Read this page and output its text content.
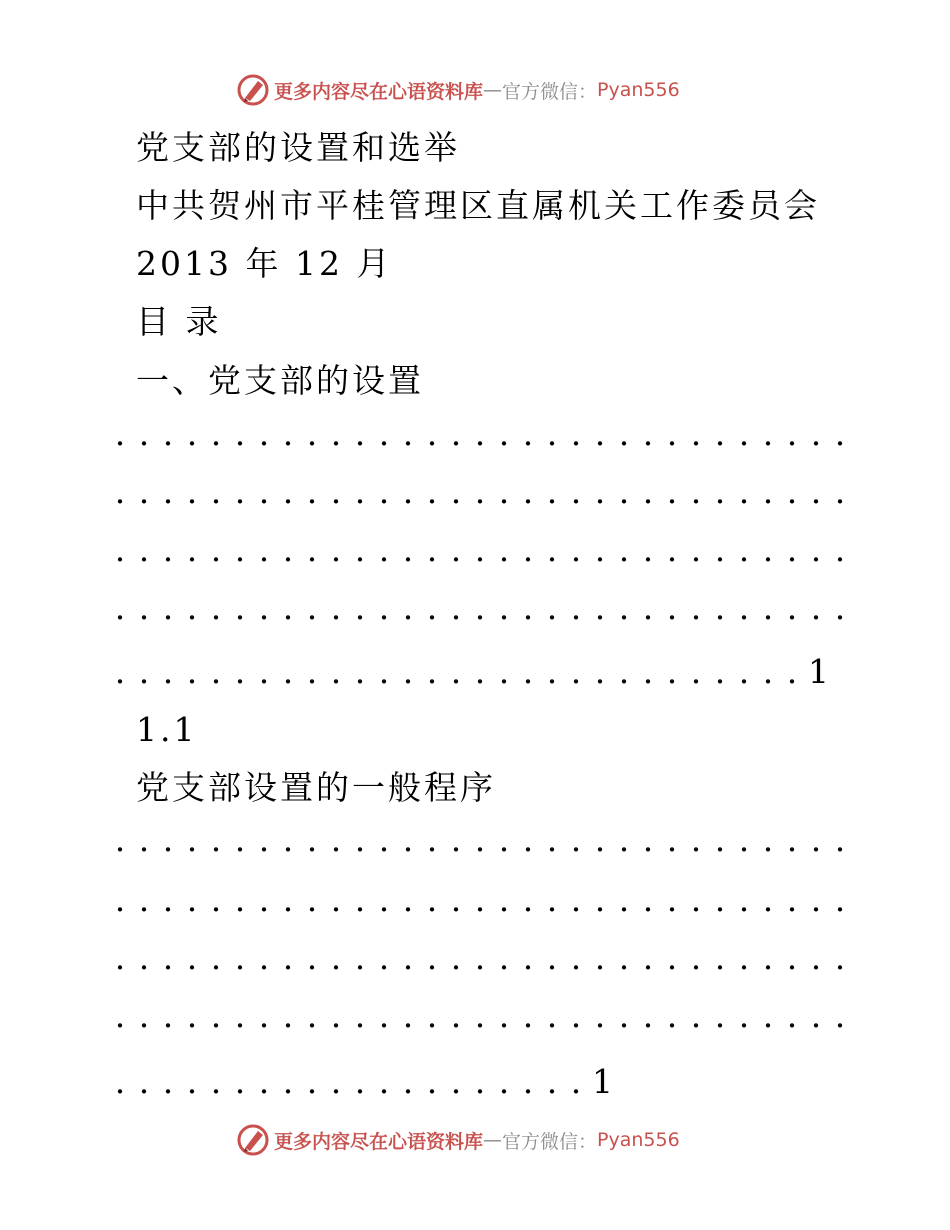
更多内容尽在心语资料库 — 官方微信： Pyan556
党支部的设置和选举
中共贺州市平桂管理区直属机关工作委员会
2013 年 12 月
目 录
一、党支部的设置
. . . . . . . . . . . . . . . . . . . . . . . . . . . . . . .
. . . . . . . . . . . . . . . . . . . . . . . . . . . . . . .
. . . . . . . . . . . . . . . . . . . . . . . . . . . . . . .
. . . . . . . . . . . . . . . . . . . . . . . . . . . . . . .
. . . . . . . . . . . . . . . . . . . . . . . . . . . . . 1
1.1
党支部设置的一般程序
. . . . . . . . . . . . . . . . . . . . . . . . . . . . . . .
. . . . . . . . . . . . . . . . . . . . . . . . . . . . . . .
. . . . . . . . . . . . . . . . . . . . . . . . . . . . . . .
. . . . . . . . . . . . . . . . . . . . . . . . . . . . . . .
. . . . . . . . . . . . . . . . . . . . 1
更多内容尽在心语资料库 — 官方微信： Pyan556
